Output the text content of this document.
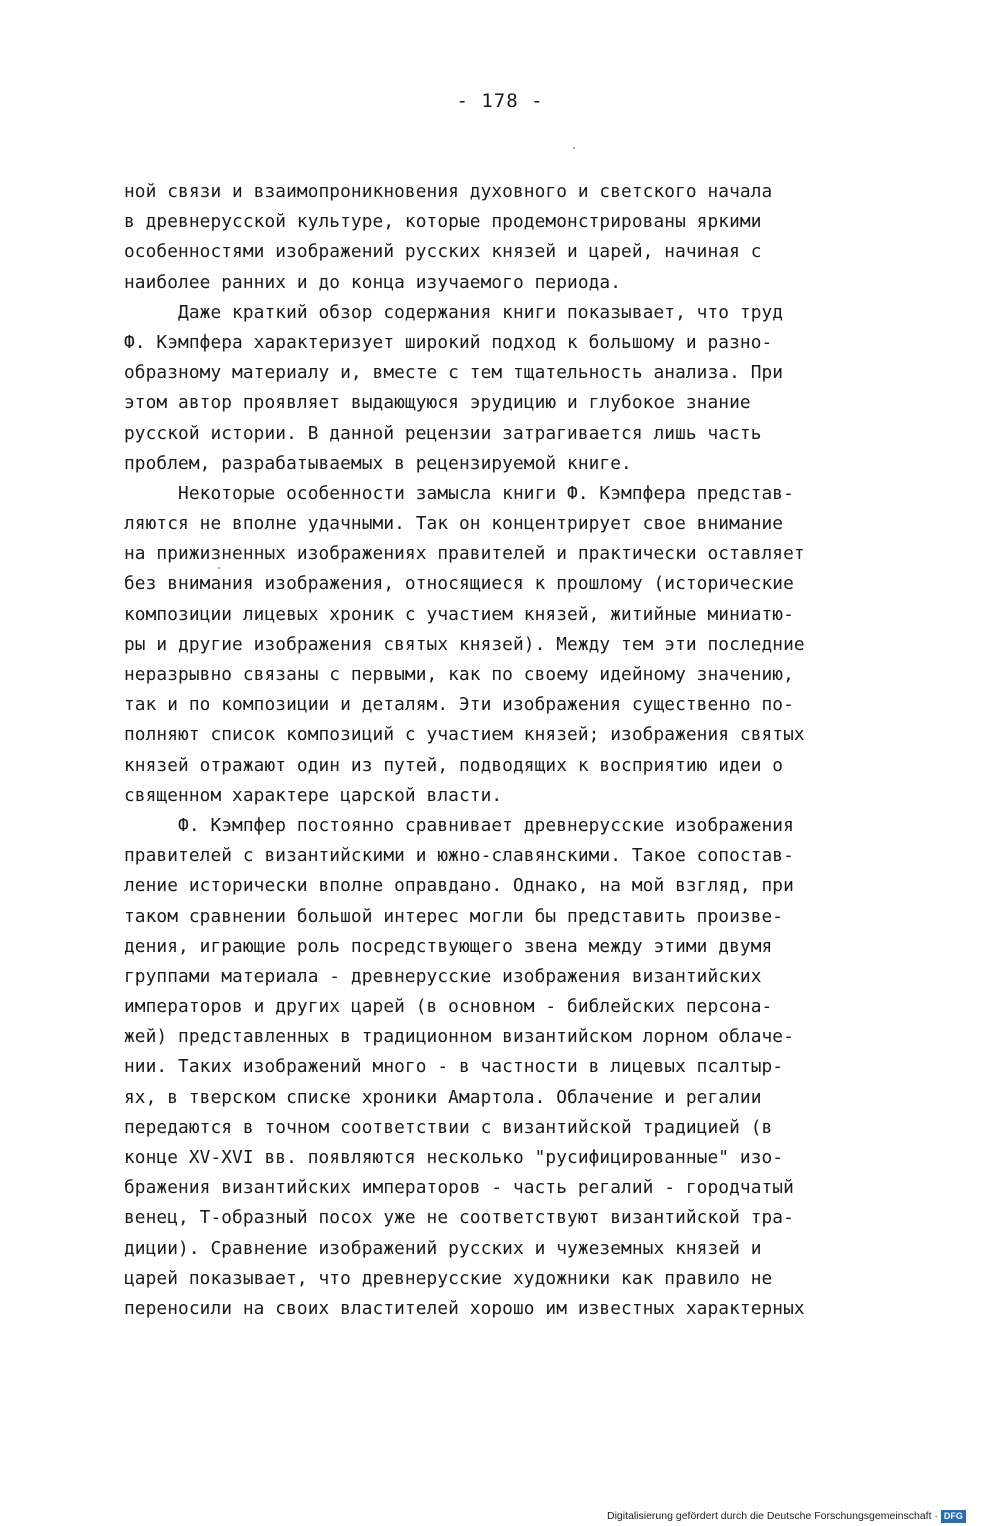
- 178 -
ной связи и взаимопроникновения духовного и светского начала
в древнерусской культуре, которые продемонстрированы яркими
особенностями изображений русских князей и царей, начиная с
наиболее ранних и до конца изучаемого периода.
Даже краткий обзор содержания книги показывает, что труд
Ф. Кэмпфера характеризует широкий подход к большому и разно-
образному материалу и, вместе с тем тщательность анализа. При
этом автор проявляет выдающуюся эрудицию и глубокое знание
русской истории. В данной рецензии затрагивается лишь часть
проблем, разрабатываемых в рецензируемой книге.
Некоторые особенности замысла книги Ф. Кэмпфера представ-
ляются не вполне удачными. Так он концентрирует свое внимание
на прижизненных изображениях правителей и практически оставляет
без внимания изображения, относящиеся к прошлому (исторические
композиции лицевых хроник с участием князей, житийные миниатю-
ры и другие изображения святых князей). Между тем эти последние
неразрывно связаны с первыми, как по своему идейному значению,
так и по композиции и деталям. Эти изображения существенно по-
полняют список композиций с участием князей; изображения святых
князей отражают один из путей, подводящих к восприятию идеи о
священном характере царской власти.
Ф. Кэмпфер постоянно сравнивает древнерусские изображения
правителей с византийскими и южно-славянскими. Такое сопостав-
ление исторически вполне оправдано. Однако, на мой взгляд, при
таком сравнении большой интерес могли бы представить произве-
дения, играющие роль посредствующего звена между этими двумя
группами материала - древнерусские изображения византийских
императоров и других царей (в основном - библейских персона-
жей) представленных в традиционном византийском лорном облаче-
нии. Таких изображений много - в частности в лицевых псалтыр-
ях, в тверском списке хроники Амартола. Облачение и регалии
передаются в точном соответствии с византийской традицией (в
конце XV-XVI вв. появляются несколько "русифицированные" изо-
бражения византийских императоров - часть регалий - городчатый
венец, Т-образный посох уже не соответствуют византийской тра-
диции). Сравнение изображений русских и чужеземных князей и
царей показывает, что древнерусские художники как правило не
переносили на своих властителей хорошо им известных характерных
Digitalisierung gefördert durch die Deutsche Forschungsgemeinschaft · DFG
